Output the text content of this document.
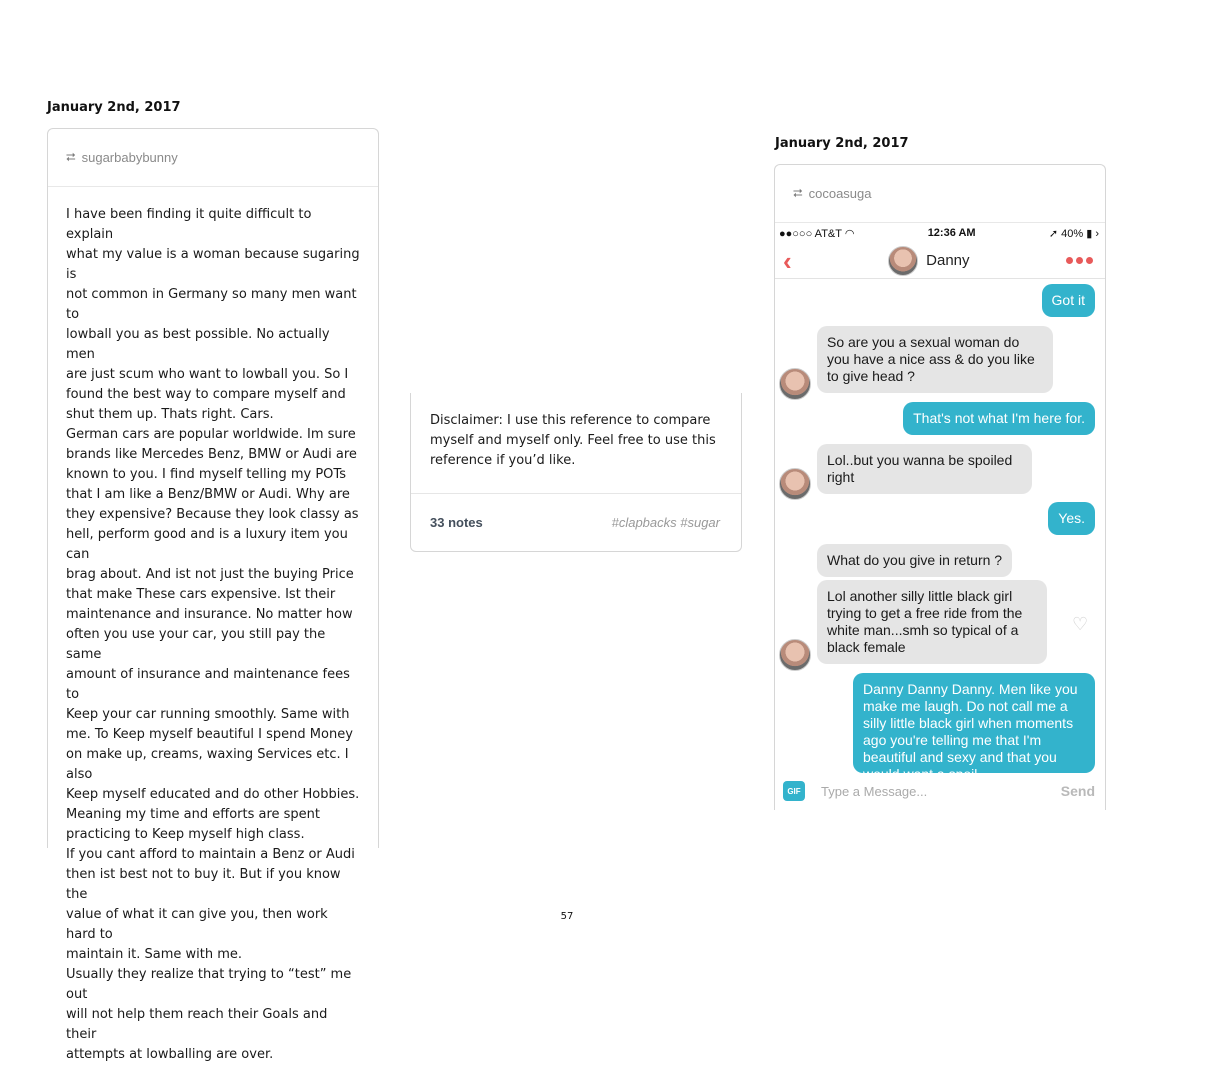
January 2nd, 2017
⮂ sugarbabybunny
I have been finding it quite difficult to explain
what my value is a woman because sugaring is
not common in Germany so many men want to
lowball you as best possible. No actually men
are just scum who want to lowball you. So I
found the best way to compare myself and
shut them up. Thats right. Cars.
German cars are popular worldwide. Im sure
brands like Mercedes Benz, BMW or Audi are
known to you. I find myself telling my POTs
that I am like a Benz/BMW or Audi. Why are
they expensive? Because they look classy as
hell, perform good and is a luxury item you can
brag about. And ist not just the buying Price
that make These cars expensive. Ist their
maintenance and insurance. No matter how
often you use your car, you still pay the same
amount of insurance and maintenance fees to
Keep your car running smoothly. Same with
me. To Keep myself beautiful I spend Money
on make up, creams, waxing Services etc. I also
Keep myself educated and do other Hobbies.
Meaning my time and efforts are spent
practicing to Keep myself high class.
If you cant afford to maintain a Benz or Audi
then ist best not to buy it. But if you know the
value of what it can give you, then work hard to
maintain it. Same with me.
Usually they realize that trying to “test” me out
will not help them reach their Goals and their
attempts at lowballing are over.
Disclaimer: I use this reference to compare
myself and myself only. Feel free to use this
reference if you’d like.
33 notes	#clapbacks #sugar
January 2nd, 2017
⮂ cocoasuga
●●○○○ AT&T ◠	12:36 AM	➚ 40% ▮ ›
‹	Danny
Got it
So are you a sexual woman do you have a nice ass & do you like to give head ?
That's not what I'm here for.
Lol..but you wanna be spoiled right
Yes.
What do you give in return ?
Lol another silly little black girl trying to get a free ride from the white man...smh so typical of a black female
♡
Danny Danny Danny. Men like you make me laugh. Do not call me a silly little black girl when moments ago you're telling me that I'm beautiful and sexy and that you would want a spoil
GIF	Type a Message...	Send
57
